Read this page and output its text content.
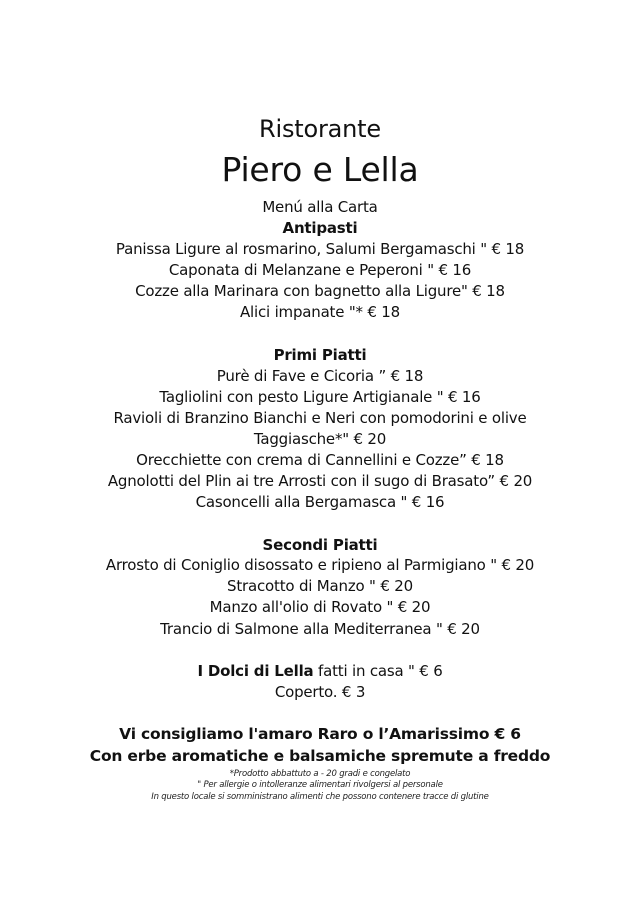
Ristorante
Piero e Lella
Menú alla Carta
Antipasti
Panissa Ligure al rosmarino, Salumi Bergamaschi " € 18
Caponata di Melanzane e Peperoni " € 16
Cozze alla Marinara con bagnetto alla Ligure" € 18
Alici impanate "* € 18
Primi Piatti
Purè di Fave e Cicoria ” € 18
Tagliolini con pesto Ligure Artigianale " € 16
Ravioli di Branzino Bianchi e Neri con pomodorini e olive
Taggiasche*" € 20
Orecchiette con crema di Cannellini e Cozze” € 18
Agnolotti del Plin ai tre Arrosti con il sugo di Brasato” € 20
Casoncelli alla Bergamasca " € 16
Secondi Piatti
Arrosto di Coniglio disossato e ripieno al Parmigiano " € 20
Stracotto di Manzo " € 20
Manzo all'olio di Rovato " € 20
Trancio di Salmone alla Mediterranea " € 20
I Dolci di Lella fatti in casa " € 6
Coperto. € 3
Vi consigliamo l'amaro Raro o l’Amarissimo € 6
Con erbe aromatiche e balsamiche spremute a freddo
*Prodotto abbattuto a - 20 gradi e congelato
" Per allergie o intolleranze alimentari rivolgersi al personale
In questo locale si somministrano alimenti che possono contenere tracce di glutine
